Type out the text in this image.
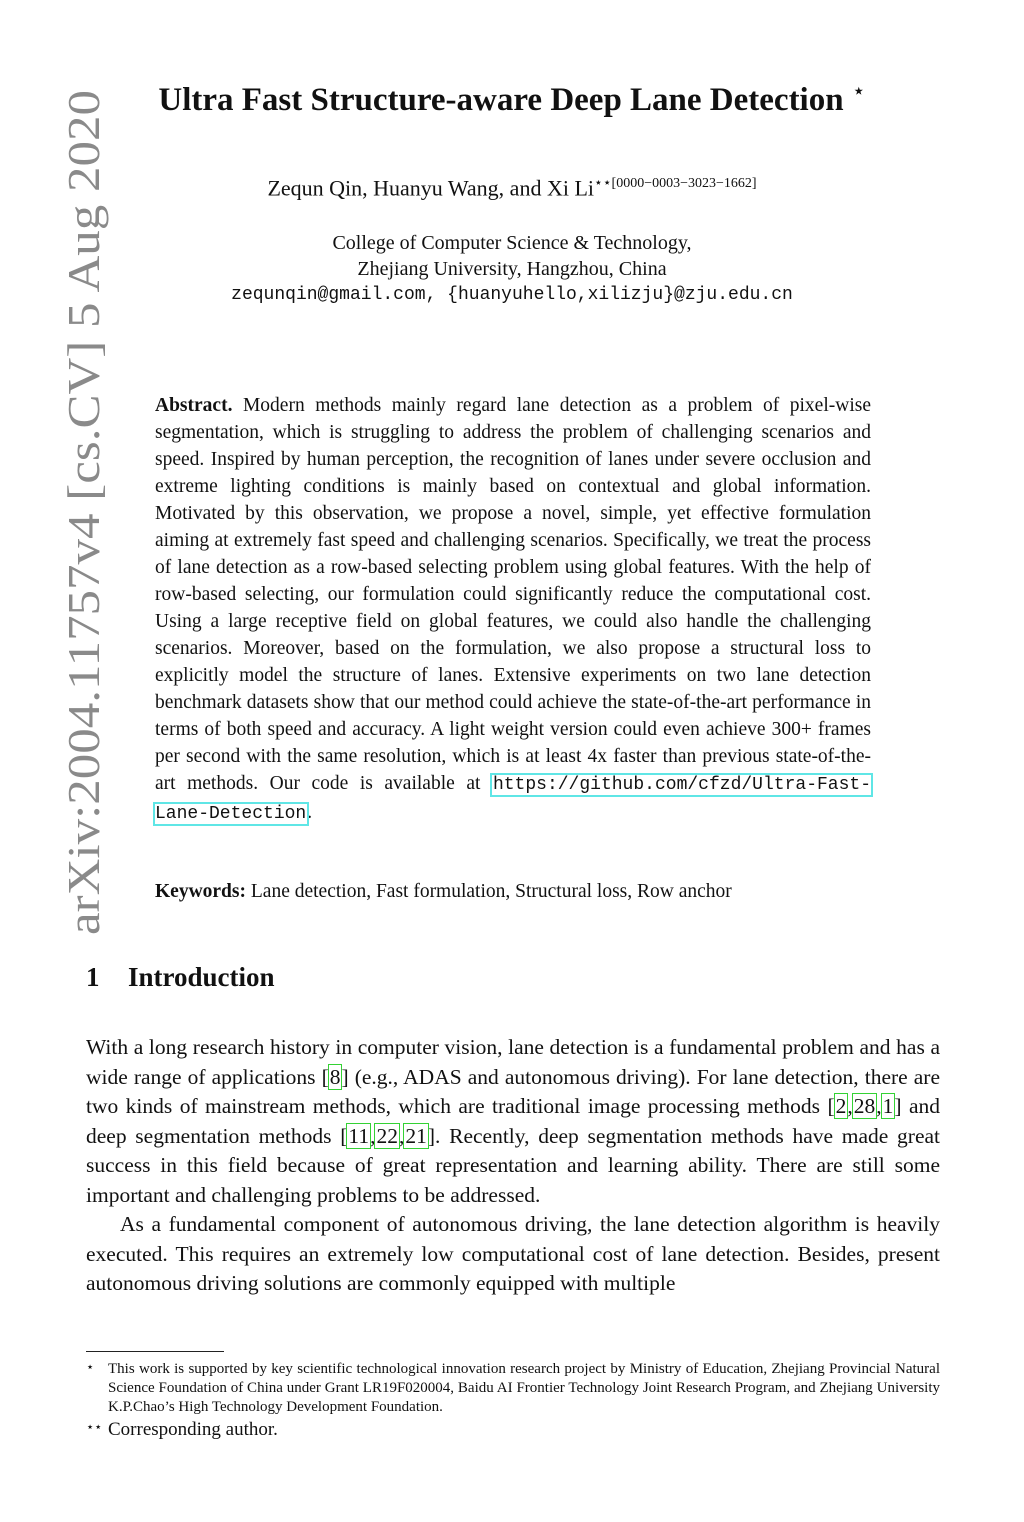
arXiv:2004.11757v4 [cs.CV] 5 Aug 2020
Ultra Fast Structure-aware Deep Lane Detection ⋆
Zequn Qin, Huanyu Wang, and Xi $Li^{⋆⋆[0000-0003-3023-1662]}$
College of Computer Science & Technology,
Zhejiang University, Hangzhou, China
zequnqin@gmail.com, {huanyuhello,xilizju}@zju.edu.cn
Abstract. Modern methods mainly regard lane detection as a problem of pixel-wise segmentation, which is struggling to address the problem of challenging scenarios and speed. Inspired by human perception, the recognition of lanes under severe occlusion and extreme lighting conditions is mainly based on contextual and global information. Motivated by this observation, we propose a novel, simple, yet effective formulation aiming at extremely fast speed and challenging scenarios. Specifically, we treat the process of lane detection as a row-based selecting problem using global features. With the help of row-based selecting, our formulation could significantly reduce the computational cost. Using a large receptive field on global features, we could also handle the challenging scenarios. Moreover, based on the formulation, we also propose a structural loss to explicitly model the structure of lanes. Extensive experiments on two lane detection benchmark datasets show that our method could achieve the state-of-the-art performance in terms of both speed and accuracy. A light weight version could even achieve 300+ frames per second with the same resolution, which is at least 4x faster than previous state-of-the-art methods. Our code is available at https://github.com/cfzd/Ultra-Fast-Lane-Detection.
Keywords: Lane detection, Fast formulation, Structural loss, Row anchor
1 Introduction

With a long research history in computer vision, lane detection is a fundamental problem and has a wide range of applications [8] (e.g., ADAS and autonomous driving). For lane detection, there are two kinds of mainstream methods, which are traditional image processing methods [2,28,1] and deep segmentation methods [11,22,21]. Recently, deep segmentation methods have made great success in this field because of great representation and learning ability. There are still some important and challenging problems to be addressed.

As a fundamental component of autonomous driving, the lane detection algorithm is heavily executed. This requires an extremely low computational cost of lane detection. Besides, present autonomous driving solutions are commonly equipped with multiple

⋆ This work is supported by key scientific technological innovation research project by Ministry of Education, Zhejiang Provincial Natural Science Foundation of China under Grant LR19F020004, Baidu AI Frontier Technology Joint Research Program, and Zhejiang University K.P.Chao’s High Technology Development Foundation.
⋆⋆ Corresponding author.
